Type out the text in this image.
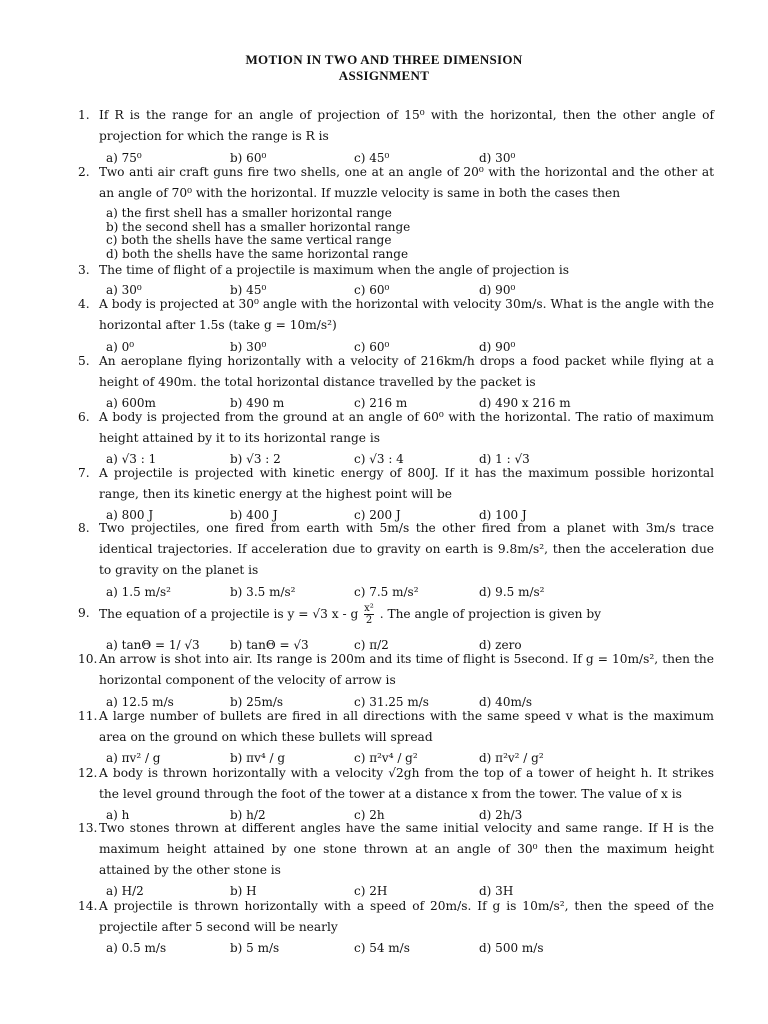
MOTION IN TWO AND THREE DIMENSION
ASSIGNMENT
1. If R is the range for an angle of projection of 15⁰ with the horizontal, then the other angle of projection for which the range is R is
a) 75⁰	b) 60⁰	c) 45⁰	d) 30⁰
2. Two anti air craft guns fire two shells, one at an angle of 20⁰ with the horizontal and the other at an angle of 70⁰ with the horizontal. If muzzle velocity is same in both the cases then
a) the first shell has a smaller horizontal range
b) the second shell has a smaller horizontal range
c) both the shells have the same vertical range
d) both the shells have the same horizontal range
3. The time of flight of a projectile is maximum when the angle of projection is
a) 30⁰	b) 45⁰	c) 60⁰	d) 90⁰
4. A body is projected at 30⁰ angle with the horizontal with velocity 30m/s. What is the angle with the horizontal after 1.5s (take g = 10m/s²)
a) 0⁰	b) 30⁰	c) 60⁰	d) 90⁰
5. An aeroplane flying horizontally with a velocity of 216km/h drops a food packet while flying at a height of 490m. the total horizontal distance travelled by the packet is
a) 600m	b) 490 m	c) 216 m	d) 490 x 216 m
6. A body is projected from the ground at an angle of 60⁰ with the horizontal. The ratio of maximum height attained by it to its horizontal range is
a) √3 : 1	b) √3 : 2	c) √3 : 4	d) 1 : √3
7. A projectile is projected with kinetic energy of 800J. If it has the maximum possible horizontal range, then its kinetic energy at the highest point will be
a) 800 J	b) 400 J	c) 200 J	d) 100 J
8. Two projectiles, one fired from earth with 5m/s the other fired from a planet with 3m/s trace identical trajectories. If acceleration due to gravity on earth is 9.8m/s², then the acceleration due to gravity on the planet is
a) 1.5 m/s²	b) 3.5 m/s²	c) 7.5 m/s²	d) 9.5 m/s²
9. The equation of a projectile is y = √3 x - g $\frac{\text{x²}}{2}$ . The angle of projection is given by
a) tanΘ = 1/ √3	b) tanΘ = √3	c) π/2	d) zero
10. An arrow is shot into air. Its range is 200m and its time of flight is 5second. If g = 10m/s², then the horizontal component of the velocity of arrow is
a) 12.5 m/s	b) 25m/s	c) 31.25 m/s	d) 40m/s
11. A large number of bullets are fired in all directions with the same speed v what is the maximum area on the ground on which these bullets will spread
a) πv² / g	b) πv⁴ / g	c) π²v⁴ / g²	d) π²v² / g²
12. A body is thrown horizontally with a velocity √2gh from the top of a tower of height h. It strikes the level ground through the foot of the tower at a distance x from the tower. The value of x is
a) h	b) h/2	c) 2h	d) 2h/3
13. Two stones thrown at different angles have the same initial velocity and same range. If H is the maximum height attained by one stone thrown at an angle of 30⁰ then the maximum height attained by the other stone is
a) H/2	b) H	c) 2H	d) 3H
14. A projectile is thrown horizontally with a speed of 20m/s. If g is 10m/s², then the speed of the projectile after 5 second will be nearly
a) 0.5 m/s	b) 5 m/s	c) 54 m/s	d) 500 m/s
